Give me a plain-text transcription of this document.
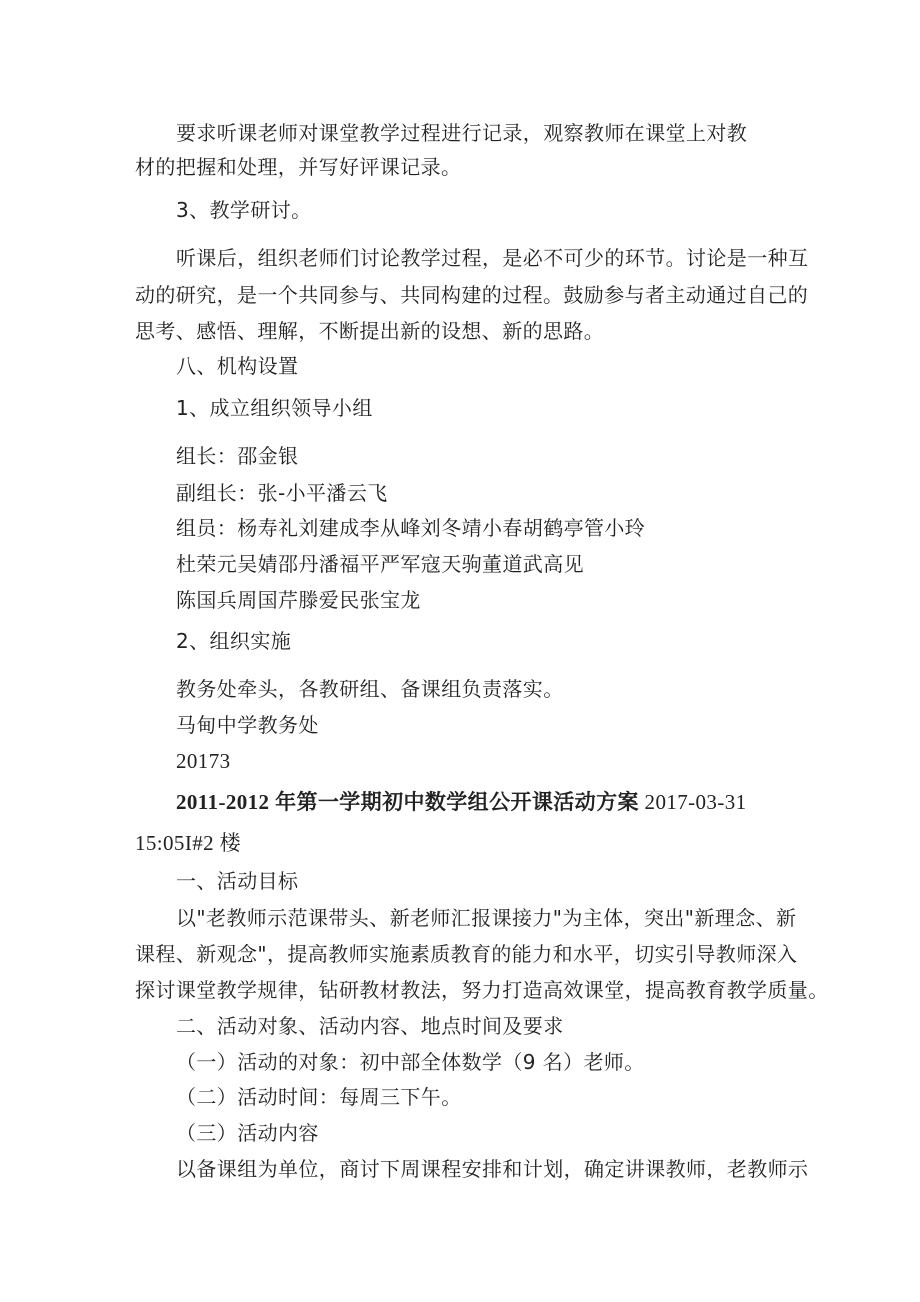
要求听课老师对课堂教学过程进行记录，观察教师在课堂上对教
材的把握和处理，并写好评课记录。
3、教学研讨。
听课后，组织老师们讨论教学过程，是必不可少的环节。讨论是一种互
动的研究，是一个共同参与、共同构建的过程。鼓励参与者主动通过自己的
思考、感悟、理解，不断提出新的设想、新的思路。
八、机构设置
1、成立组织领导小组
组长：邵金银
副组长：张-小平潘云飞
组员：杨寿礼刘建成李从峰刘冬靖小春胡鹤亭管小玲
杜荣元吴婧邵丹潘福平严军寇天驹董道武高见
陈国兵周国芹滕爱民张宝龙
2、组织实施
教务处牵头，各教研组、备课组负责落实。
马甸中学教务处
20173
2011-2012 年第一学期初中数学组公开课活动方案 2017-03-31
15:05I#2 楼
一、活动目标
以"老教师示范课带头、新老师汇报课接力"为主体，突出"新理念、新
课程、新观念"，提高教师实施素质教育的能力和水平，切实引导教师深入
探讨课堂教学规律，钻研教材教法，努力打造高效课堂，提高教育教学质量。
二、活动对象、活动内容、地点时间及要求
（一）活动的对象：初中部全体数学（9 名）老师。
（二）活动时间：每周三下午。
（三）活动内容
以备课组为单位，商讨下周课程安排和计划，确定讲课教师，老教师示
